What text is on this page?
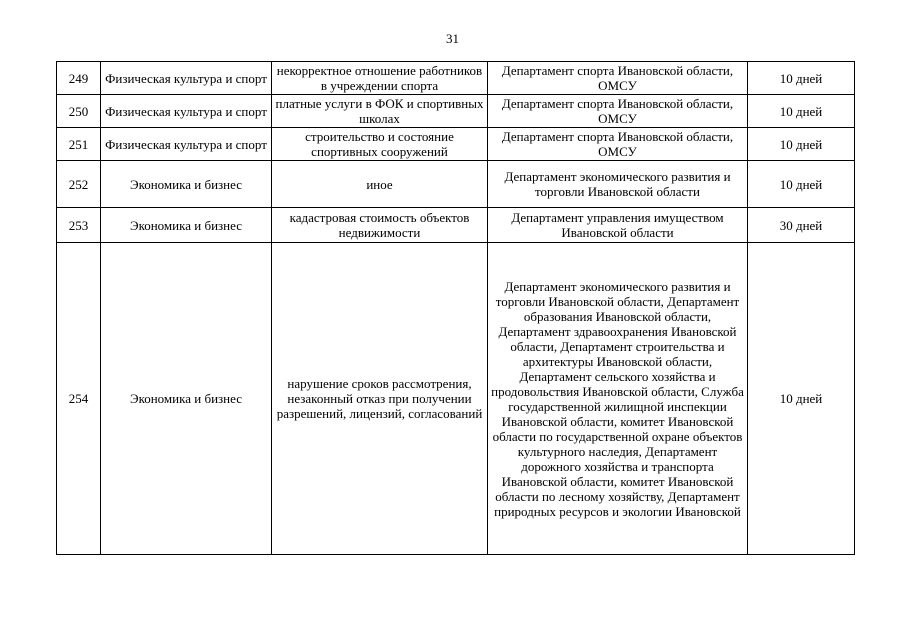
31
249	Физическая культура и спорт	некорректное отношение работников в учреждении спорта	Департамент спорта Ивановской области, ОМСУ	10 дней
250	Физическая культура и спорт	платные услуги в ФОК и спортивных школах	Департамент спорта Ивановской области, ОМСУ	10 дней
251	Физическая культура и спорт	строительство и состояние спортивных сооружений	Департамент спорта Ивановской области, ОМСУ	10 дней
252	Экономика и бизнес	иное	Департамент экономического развития и торговли Ивановской области	10 дней
253	Экономика и бизнес	кадастровая стоимость объектов недвижимости	Департамент управления имуществом Ивановской области	30 дней
254	Экономика и бизнес	нарушение сроков рассмотрения, незаконный отказ при получении разрешений, лицензий, согласований	Департамент экономического развития и торговли Ивановской области, Департамент образования Ивановской области, Департамент здравоохранения Ивановской области, Департамент строительства и архитектуры Ивановской области, Департамент сельского хозяйства и продовольствия Ивановской области, Служба государственной жилищной инспекции Ивановской области, комитет Ивановской области по государственной охране объектов культурного наследия, Департамент дорожного хозяйства и транспорта Ивановской области, комитет Ивановской области по лесному хозяйству, Департамент природных ресурсов и экологии Ивановской	10 дней
